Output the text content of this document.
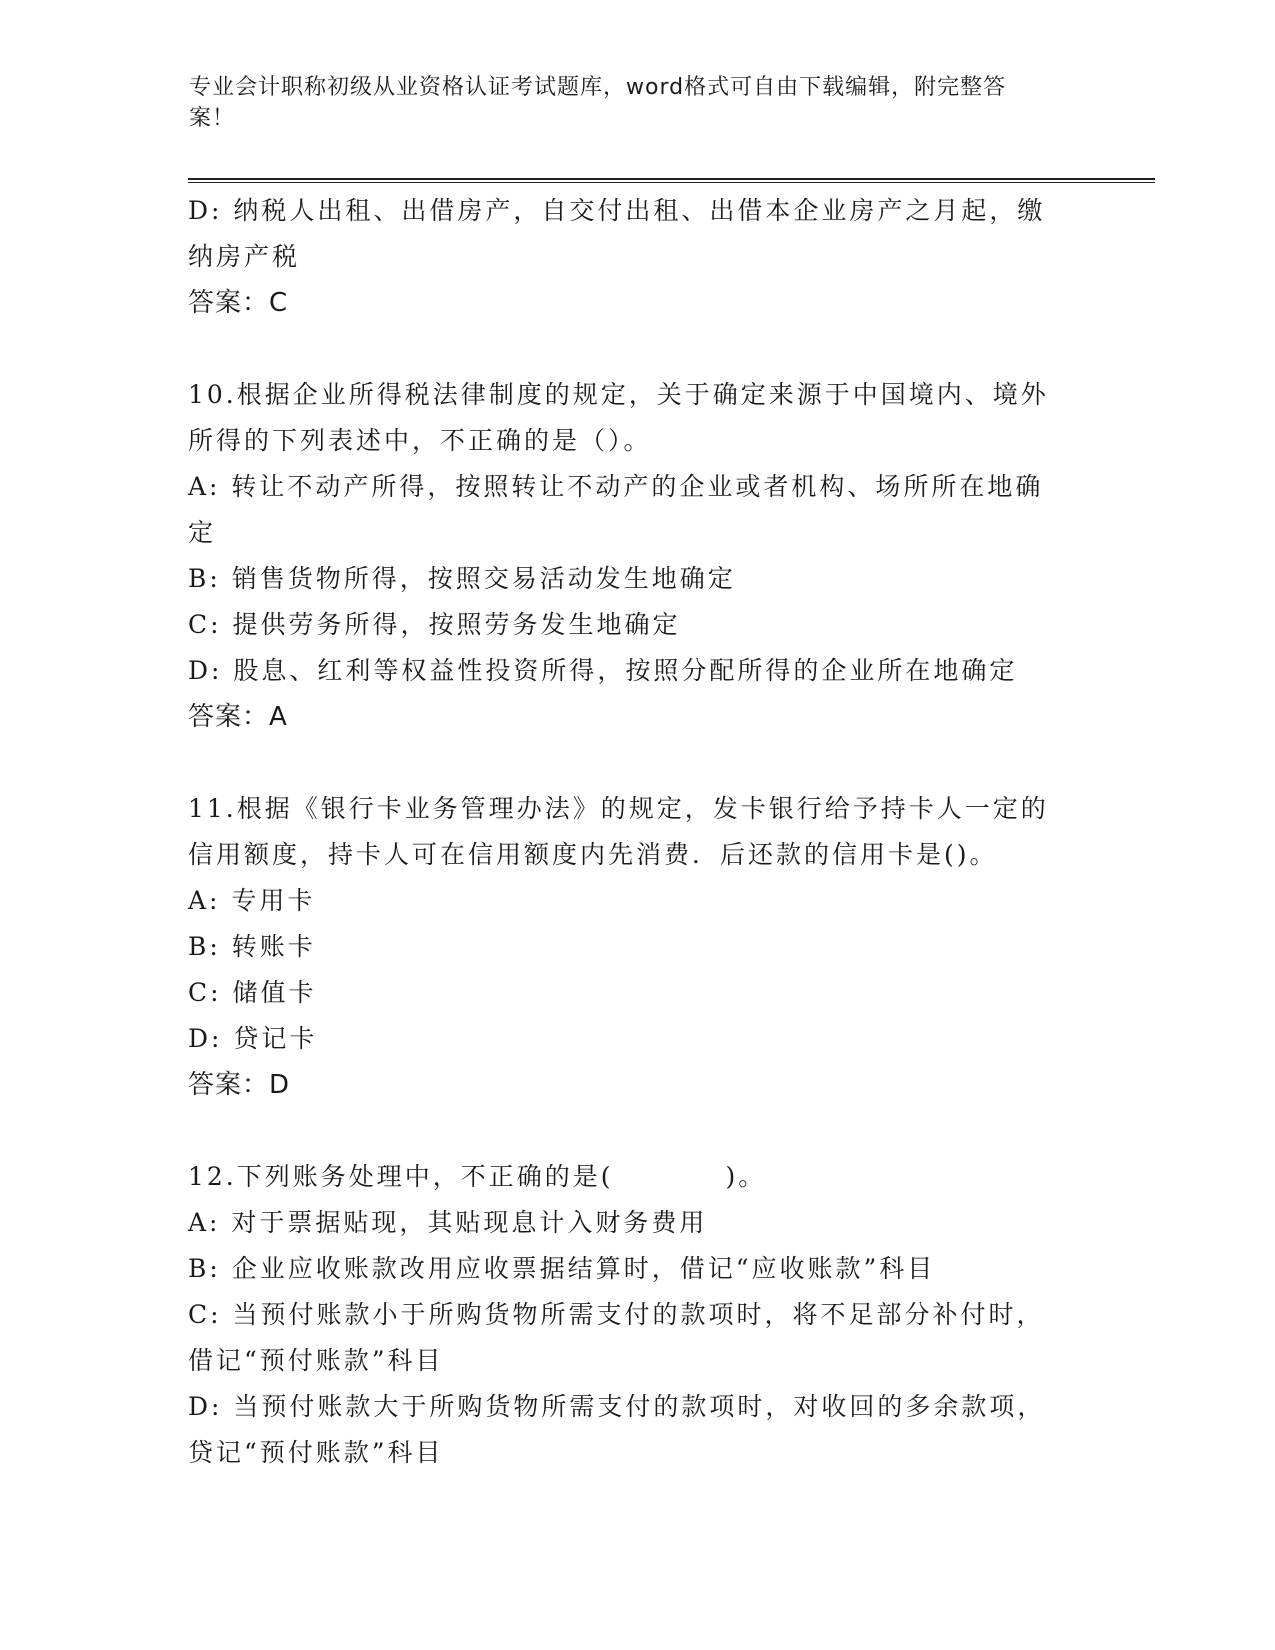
专业会计职称初级从业资格认证考试题库，word格式可自由下载编辑，附完整答
案！
D: 纳税人出租、出借房产，自交付出租、出借本企业房产之月起，缴
纳房产税
答案：C
10.根据企业所得税法律制度的规定，关于确定来源于中国境内、境外
所得的下列表述中，不正确的是（）。
A: 转让不动产所得，按照转让不动产的企业或者机构、场所所在地确
定
B: 销售货物所得，按照交易活动发生地确定
C: 提供劳务所得，按照劳务发生地确定
D: 股息、红利等权益性投资所得，按照分配所得的企业所在地确定
答案：A
11.根据《银行卡业务管理办法》的规定，发卡银行给予持卡人一定的
信用额度，持卡人可在信用额度内先消费．后还款的信用卡是()。
A: 专用卡
B: 转账卡
C: 储值卡
D: 贷记卡
答案：D
12.下列账务处理中，不正确的是(　　　　)。
A: 对于票据贴现，其贴现息计入财务费用
B: 企业应收账款改用应收票据结算时，借记“应收账款”科目
C: 当预付账款小于所购货物所需支付的款项时，将不足部分补付时，
借记“预付账款”科目
D: 当预付账款大于所购货物所需支付的款项时，对收回的多余款项，
贷记“预付账款”科目
